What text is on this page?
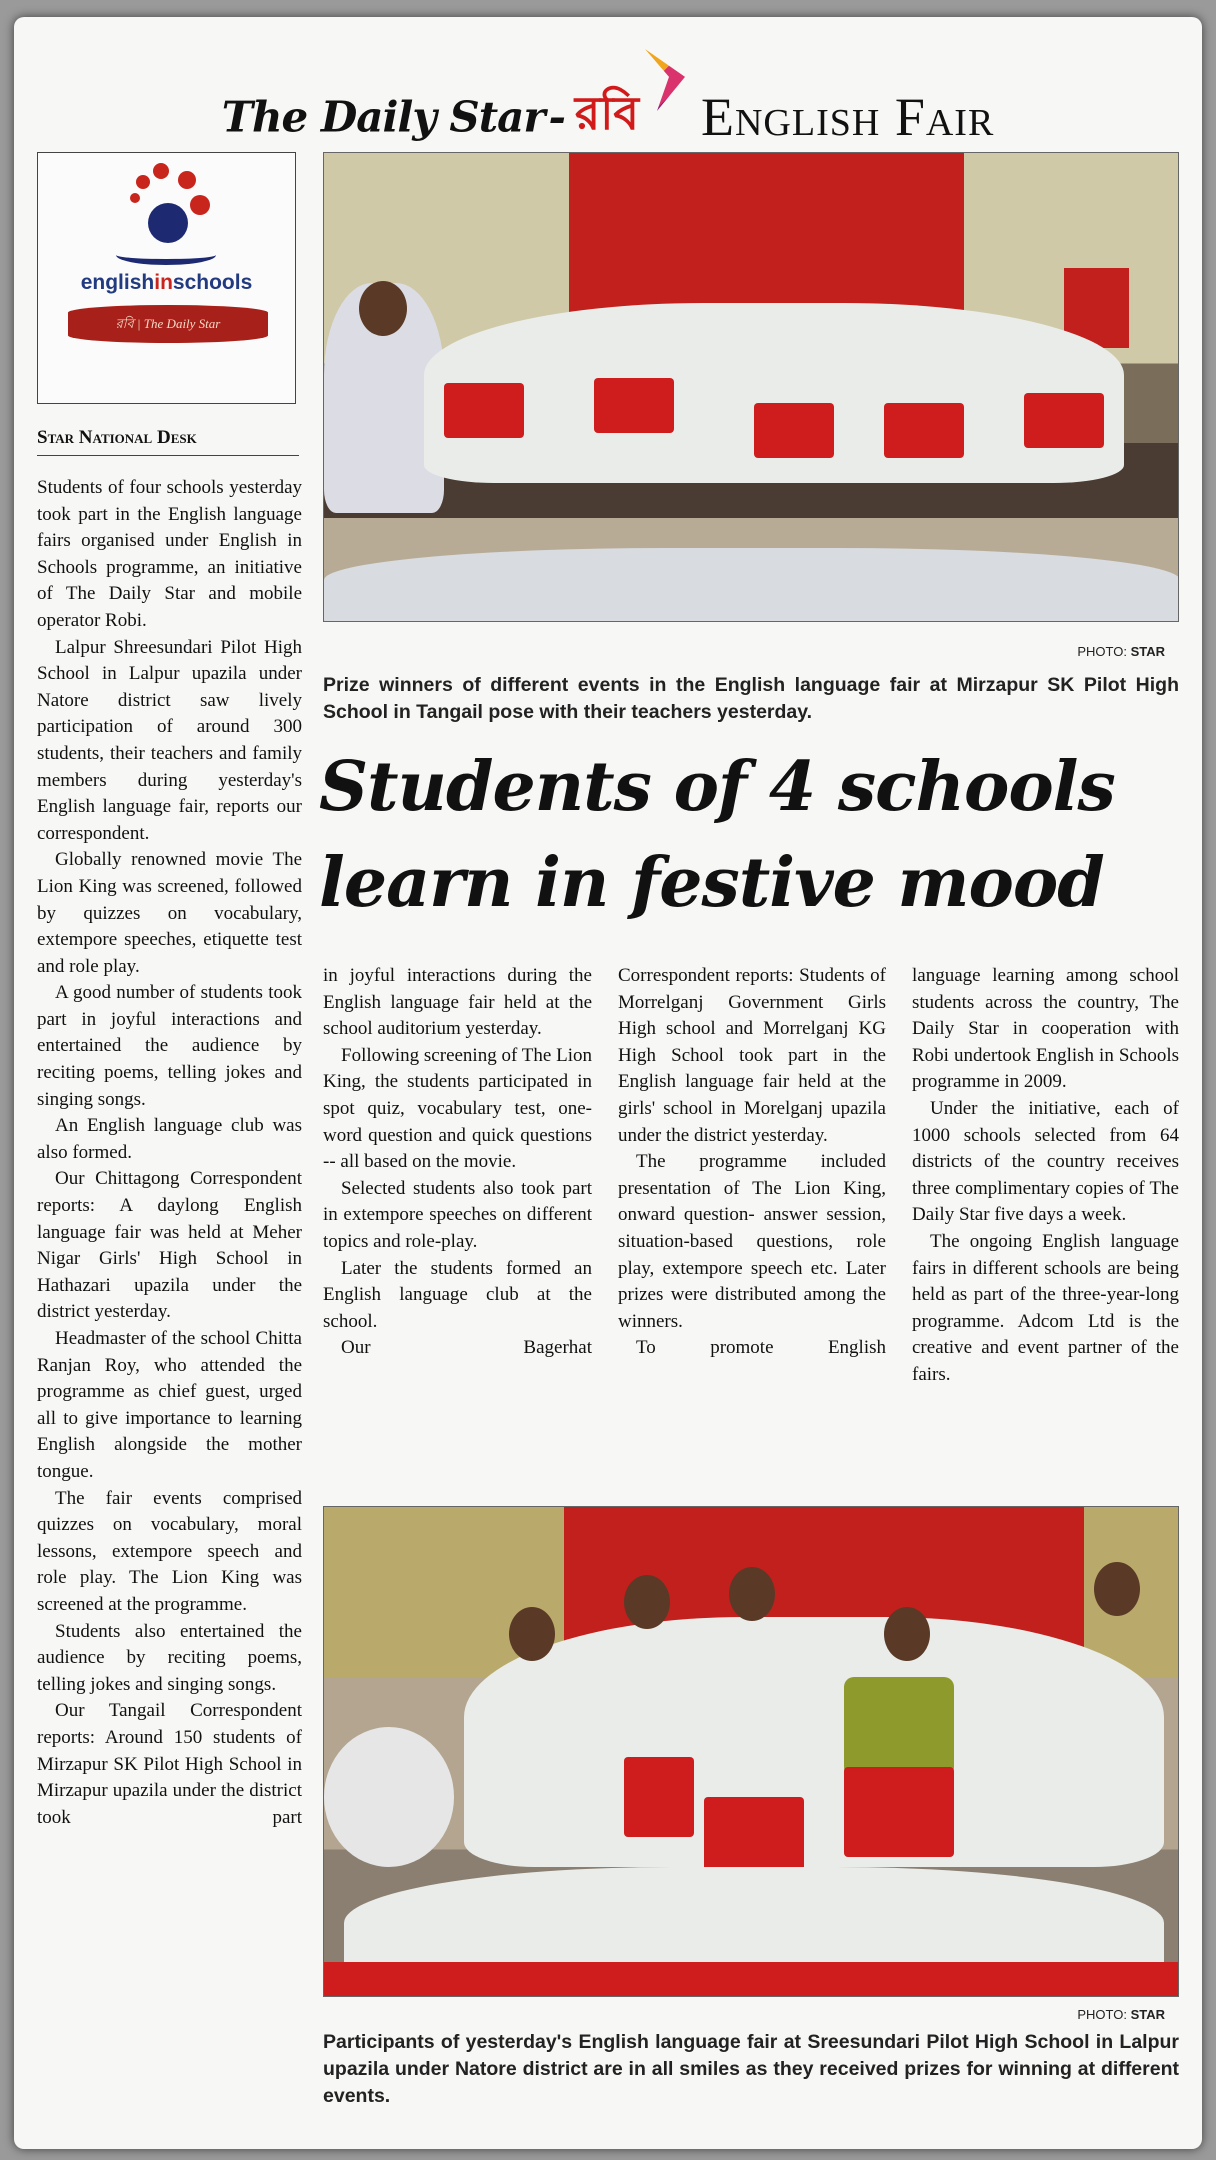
The Daily Star - রবি English Fair
englishinschools
রবি | The Daily Star
Star National Desk

Students of four schools yesterday took part in the English language fairs organised under English in Schools programme, an initiative of The Daily Star and mobile operator Robi.

Lalpur Shreesundari Pilot High School in Lalpur upazila under Natore district saw lively participation of around 300 students, their teachers and family members during yesterday's English language fair, reports our correspondent.

Globally renowned movie The Lion King was screened, followed by quizzes on vocabulary, extempore speeches, etiquette test and role play.

A good number of students took part in joyful interactions and entertained the audience by reciting poems, telling jokes and singing songs.

An English language club was also formed.

Our Chittagong Correspondent reports: A daylong English language fair was held at Meher Nigar Girls' High School in Hathazari upazila under the district yesterday.

Headmaster of the school Chitta Ranjan Roy, who attended the programme as chief guest, urged all to give importance to learning English alongside the mother tongue.

The fair events comprised quizzes on vocabulary, moral lessons, extempore speech and role play. The Lion King was screened at the programme.

Students also entertained the audience by reciting poems, telling jokes and singing songs.

Our Tangail Correspondent reports: Around 150 students of Mirzapur SK Pilot High School in Mirzapur upazila under the district took part

PHOTO: STAR
Prize winners of different events in the English language fair at Mirzapur SK Pilot High School in Tangail pose with their teachers yesterday.
Students of 4 schools
learn in festive mood

in joyful interactions during the English language fair held at the school auditorium yesterday.

Following screening of The Lion King, the students participated in spot quiz, vocabulary test, one-word question and quick questions -- all based on the movie.

Selected students also took part in extempore speeches on different topics and role-play.

Later the students formed an English language club at the school.

Our Bagerhat

Correspondent reports: Students of Morrelganj Government Girls High school and Morrelganj KG High School took part in the English language fair held at the girls' school in Morelganj upazila under the district yesterday.

The programme included presentation of The Lion King, onward question- answer session, situation-based questions, role play, extempore speech etc. Later prizes were distributed among the winners.

To promote English

language learning among school students across the country, The Daily Star in cooperation with Robi undertook English in Schools programme in 2009.

Under the initiative, each of 1000 schools selected from 64 districts of the country receives three complimentary copies of The Daily Star five days a week.

The ongoing English language fairs in different schools are being held as part of the three-year-long programme. Adcom Ltd is the creative and event partner of the fairs.

PHOTO: STAR
Participants of yesterday's English language fair at Sreesundari Pilot High School in Lalpur upazila under Natore district are in all smiles as they received prizes for winning at different events.
